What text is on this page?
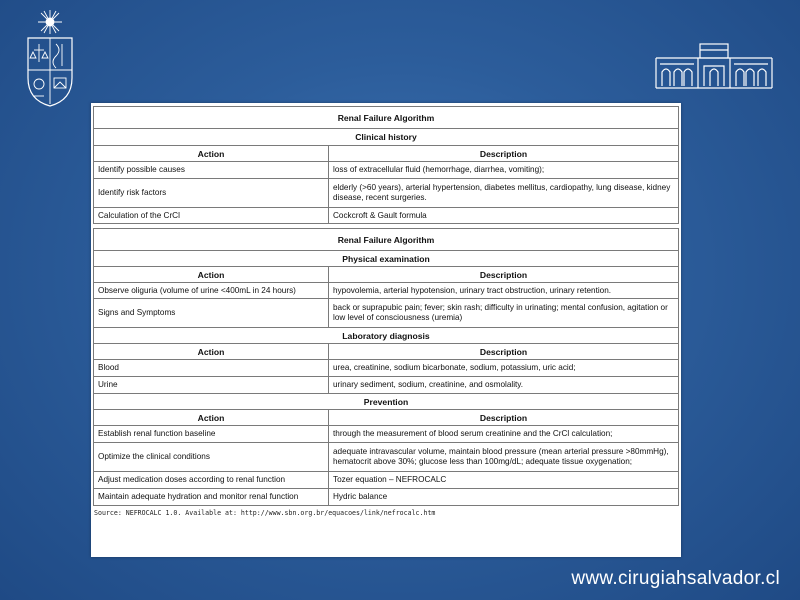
Renal Failure Algorithm	
Clinical history	
Action	Description
Identify possible causes	loss of extracellular fluid (hemorrhage, diarrhea, vomiting);
Identify risk factors	elderly (>60 years), arterial hypertension, diabetes mellitus, cardiopathy, lung disease, kidney disease, recent surgeries.
Calculation of the CrCl	Cockcroft & Gault formula
Renal Failure Algorithm	
Physical examination	
Action	Description
Observe oliguria (volume of urine <400mL in 24 hours)	hypovolemia, arterial hypotension, urinary tract obstruction, urinary retention.
Signs and Symptoms	back or suprapubic pain; fever; skin rash; difficulty in urinating; mental confusion, agitation or low level of consciousness (uremia)
Laboratory diagnosis	
Action	Description
Blood	urea, creatinine, sodium bicarbonate, sodium, potassium, uric acid;
Urine	urinary sediment, sodium, creatinine, and osmolality.
Prevention	
Action	Description
Establish renal function baseline	through the measurement of blood serum creatinine and the CrCl calculation;
Optimize the clinical conditions	adequate intravascular volume, maintain blood pressure (mean arterial pressure >80mmHg), hematocrit above 30%; glucose less than 100mg/dL; adequate tissue oxygenation;
Adjust medication doses according to renal function	Tozer equation – NEFROCALC
Maintain adequate hydration and monitor renal function	Hydric balance
Source: NEFROCALC 1.0. Available at: http://www.sbn.org.br/equacoes/link/nefrocalc.htm
www.cirugiahsalvador.cl
